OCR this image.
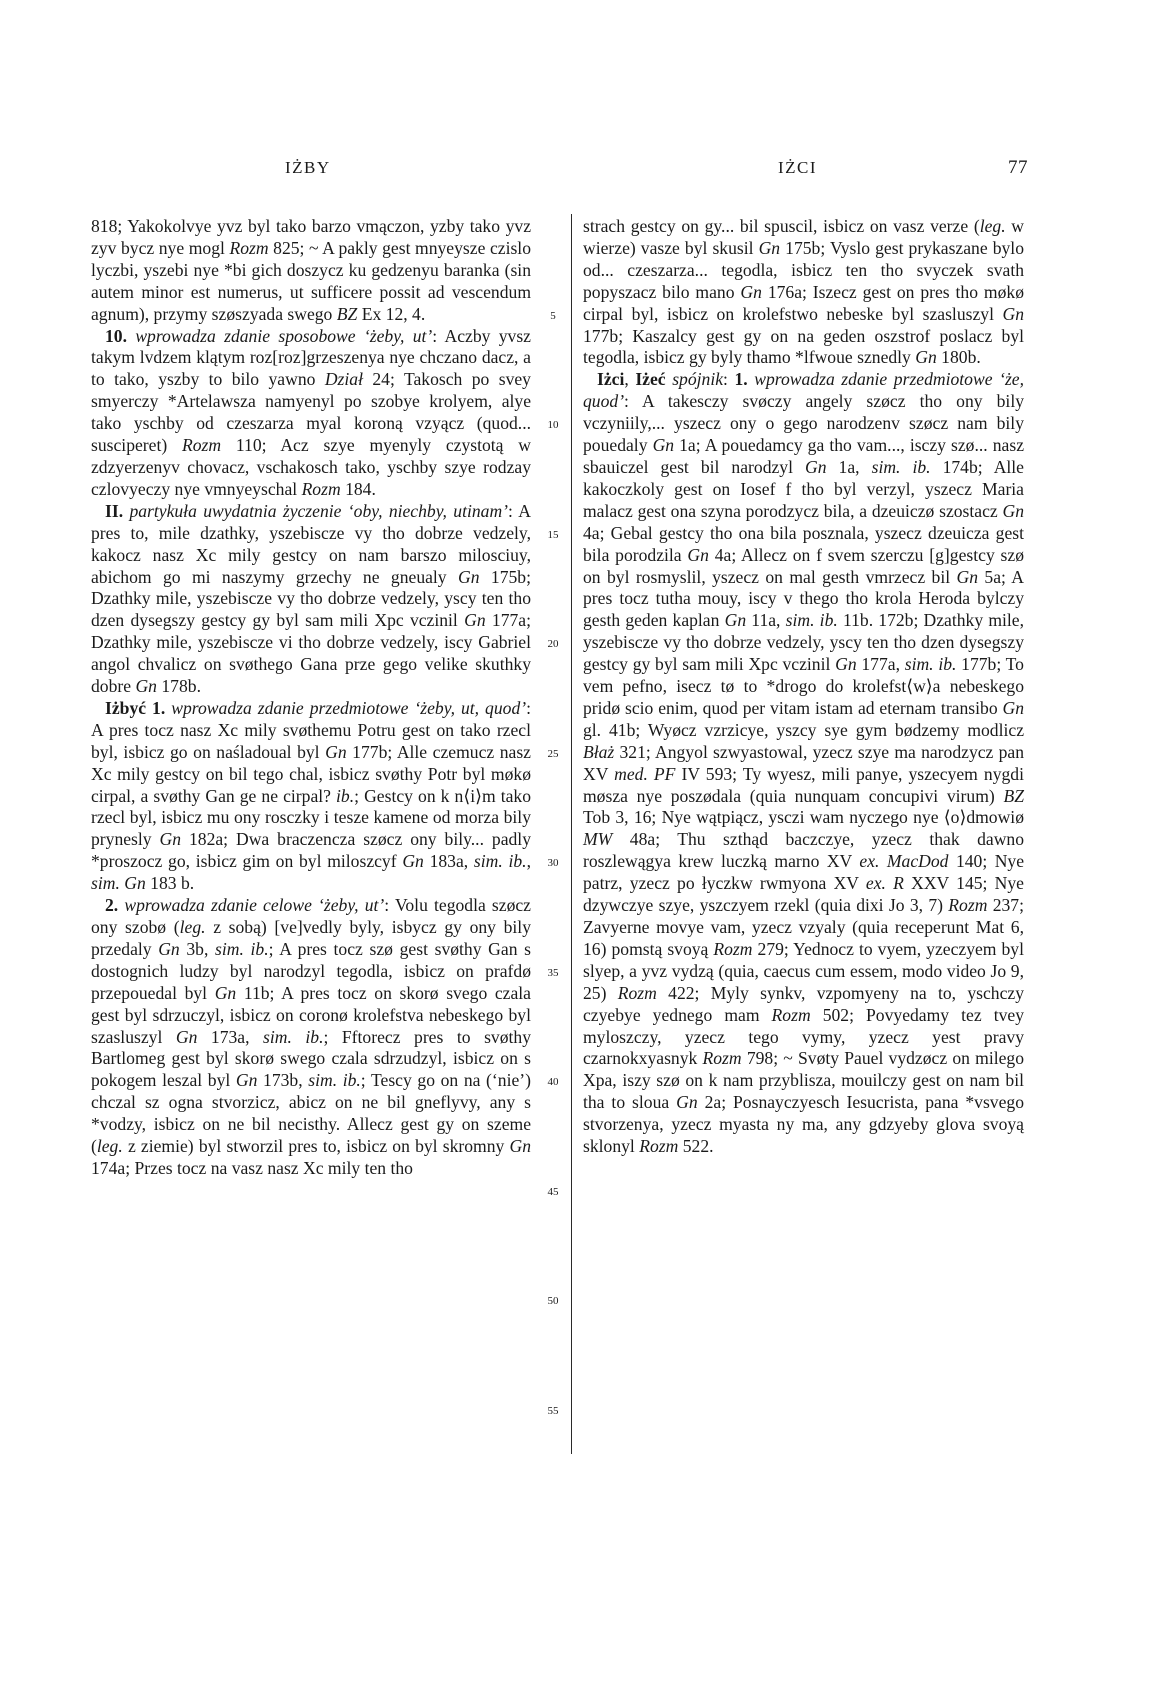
IŻBY	IŻCI	77

818; Yakokolvye yvz byl tako barzo vmączon, yzby tako yvz zyv bycz nye mogl Rozm 825; ~ A pakly gest mnyeysze czislo lyczbi, yszebi nye *bi gich doszycz ku gedzenyu baranka (sin autem minor est numerus, ut sufficere possit ad vescendum agnum), przymy szøszyada swego BZ Ex 12, 4.

10. wprowadza zdanie sposobowe ‘żeby, ut’: Aczby yvsz takym lvdzem klątym roz[roz]grzeszenya nye chczano dacz, a to tako, yszby to bilo yawno Dział 24; Takosch po svey smyerczy *Artelawsza namyenyl po szobye krolyem, alye tako yschby od czeszarza myal koroną vzyącz (quod... susciperet) Rozm 110; Acz szye myenyly czystotą w zdzyerzenyv chovacz, vschakosch tako, yschby szye rodzay czlovyeczy nye vmnyeyschal Rozm 184.

II. partykuła uwydatnia życzenie ‘oby, niechby, utinam’: A pres to, mile dzathky, yszebiscze vy tho dobrze vedzely, kakocz nasz Xc mily gestcy on nam barszo milosciuy, abichom go mi naszymy grzechy ne gneualy Gn 175b; Dzathky mile, yszebiscze vy tho dobrze vedzely, yscy ten tho dzen dysegszy gestcy gy byl sam mili Xpc vczinil Gn 177a; Dzathky mile, yszebiscze vi tho dobrze vedzely, iscy Gabriel angol chvalicz on svøthego Gana prze gego velike skuthky dobre Gn 178b.

Iżbyć 1. wprowadza zdanie przedmiotowe ‘żeby, ut, quod’: A pres tocz nasz Xc mily svøthemu Potru gest on tako rzecl byl, isbicz go on naśladoual byl Gn 177b; Alle czemucz nasz Xc mily gestcy on bil tego chal, isbicz svøthy Potr byl møkø cirpal, a svøthy Gan ge ne cirpal? ib.; Gestcy on k n⟨i⟩m tako rzecl byl, isbicz mu ony rosczky i tesze kamene od morza bily prynesly Gn 182a; Dwa braczencza szøcz ony bily... padly *proszocz go, isbicz gim on byl miloszcyf Gn 183a, sim. ib., sim. Gn 183 b.

2. wprowadza zdanie celowe ‘żeby, ut’: Volu tegodla szøcz ony szobø (leg. z sobą) [ve]vedly byly, isbycz gy ony bily przedaly Gn 3b, sim. ib.; A pres tocz szø gest svøthy Gan s dostognich ludzy byl narodzyl tegodla, isbicz on prafdø przepouedal byl Gn 11b; A pres tocz on skorø svego czala gest byl sdrzuczyl, isbicz on coronø krolefstva nebeskego byl szasluszyl Gn 173a, sim. ib.; Fftorecz pres to svøthy Bartlomeg gest byl skorø swego czala sdrzudzyl, isbicz on s pokogem leszal byl Gn 173b, sim. ib.; Tescy go on na (‘nie’) chczal sz ogna stvorzicz, abicz on ne bil gneflyvy, any s *vodzy, isbicz on ne bil necisthy. Allecz gest gy on szeme (leg. z ziemie) byl stworzil pres to, isbicz on byl skromny Gn 174a; Przes tocz na vasz nasz Xc mily ten tho

5
10
15
20
25
30
35
40
45
50
55

strach gestcy on gy... bil spuscil, isbicz on vasz verze (leg. w wierze) vasze byl skusil Gn 175b; Vyslo gest prykaszane bylo od... czeszarza... tegodla, isbicz ten tho svyczek svath popyszacz bilo mano Gn 176a; Iszecz gest on pres tho møkø cirpal byl, isbicz on krolefstwo nebeske byl szasluszyl Gn 177b; Kaszalcy gest gy on na geden oszstrof poslacz byl tegodla, isbicz gy byly thamo *lfwoue sznedly Gn 180b.

Iżci, Iżeć spójnik: 1. wprowadza zdanie przedmiotowe ‘że, quod’: A takesczy svøczy angely szøcz tho ony bily vczyniily,... yszecz ony o gego narodzenv szøcz nam bily pouedaly Gn 1a; A pouedamcy ga tho vam..., isczy szø... nasz sbauiczel gest bil narodzyl Gn 1a, sim. ib. 174b; Alle kakoczkoly gest on Iosef f tho byl verzyl, yszecz Maria malacz gest ona szyna porodzycz bila, a dzeuiczø szostacz Gn 4a; Gebal gestcy tho ona bila posznala, yszecz dzeuicza gest bila porodzila Gn 4a; Allecz on f svem szerczu [g]gestcy szø on byl rosmyslil, yszecz on mal gesth vmrzecz bil Gn 5a; A pres tocz tutha mouy, iscy v thego tho krola Heroda bylczy gesth geden kaplan Gn 11a, sim. ib. 11b. 172b; Dzathky mile, yszebiscze vy tho dobrze vedzely, yscy ten tho dzen dysegszy gestcy gy byl sam mili Xpc vczinil Gn 177a, sim. ib. 177b; To vem pefno, isecz tø to *drogo do krolefst⟨w⟩a nebeskego pridø scio enim, quod per vitam istam ad eternam transibo Gn gl. 41b; Wyøcz vzrzicye, yszcy sye gym bødzemy modlicz Błaż 321; Angyol szwyastowal, yzecz szye ma narodzycz pan XV med. PF IV 593; Ty wyesz, mili panye, yszecyem nygdi møsza nye poszødala (quia nunquam concupivi virum) BZ Tob 3, 16; Nye wątpiącz, ysczi wam nyczego nye ⟨o⟩dmowiø MW 48a; Thu szthąd baczczye, yzecz thak dawno roszlewągya krew luczką marno XV ex. MacDod 140; Nye patrz, yzecz po łyczkw rwmyona XV ex. R XXV 145; Nye dzywczye szye, yszczyem rzekl (quia dixi Jo 3, 7) Rozm 237; Zavyerne movye vam, yzecz vzyaly (quia receperunt Mat 6, 16) pomstą svoyą Rozm 279; Yednocz to vyem, yzeczyem byl slyep, a yvz vydzą (quia, caecus cum essem, modo video Jo 9, 25) Rozm 422; Myly synkv, vzpomyeny na to, yschczy czyebye yednego mam Rozm 502; Povyedamy tez tvey myloszczy, yzecz tego vymy, yzecz yest pravy czarnokxyasnyk Rozm 798; ~ Svøty Pauel vydzøcz on milego Xpa, iszy szø on k nam przyblisza, mouilczy gest on nam bil tha to sloua Gn 2a; Posnayczyesch Iesucrista, pana *vsvego stvorzenya, yzecz myasta ny ma, any gdzyeby glova svoyą sklonyl Rozm 522.
